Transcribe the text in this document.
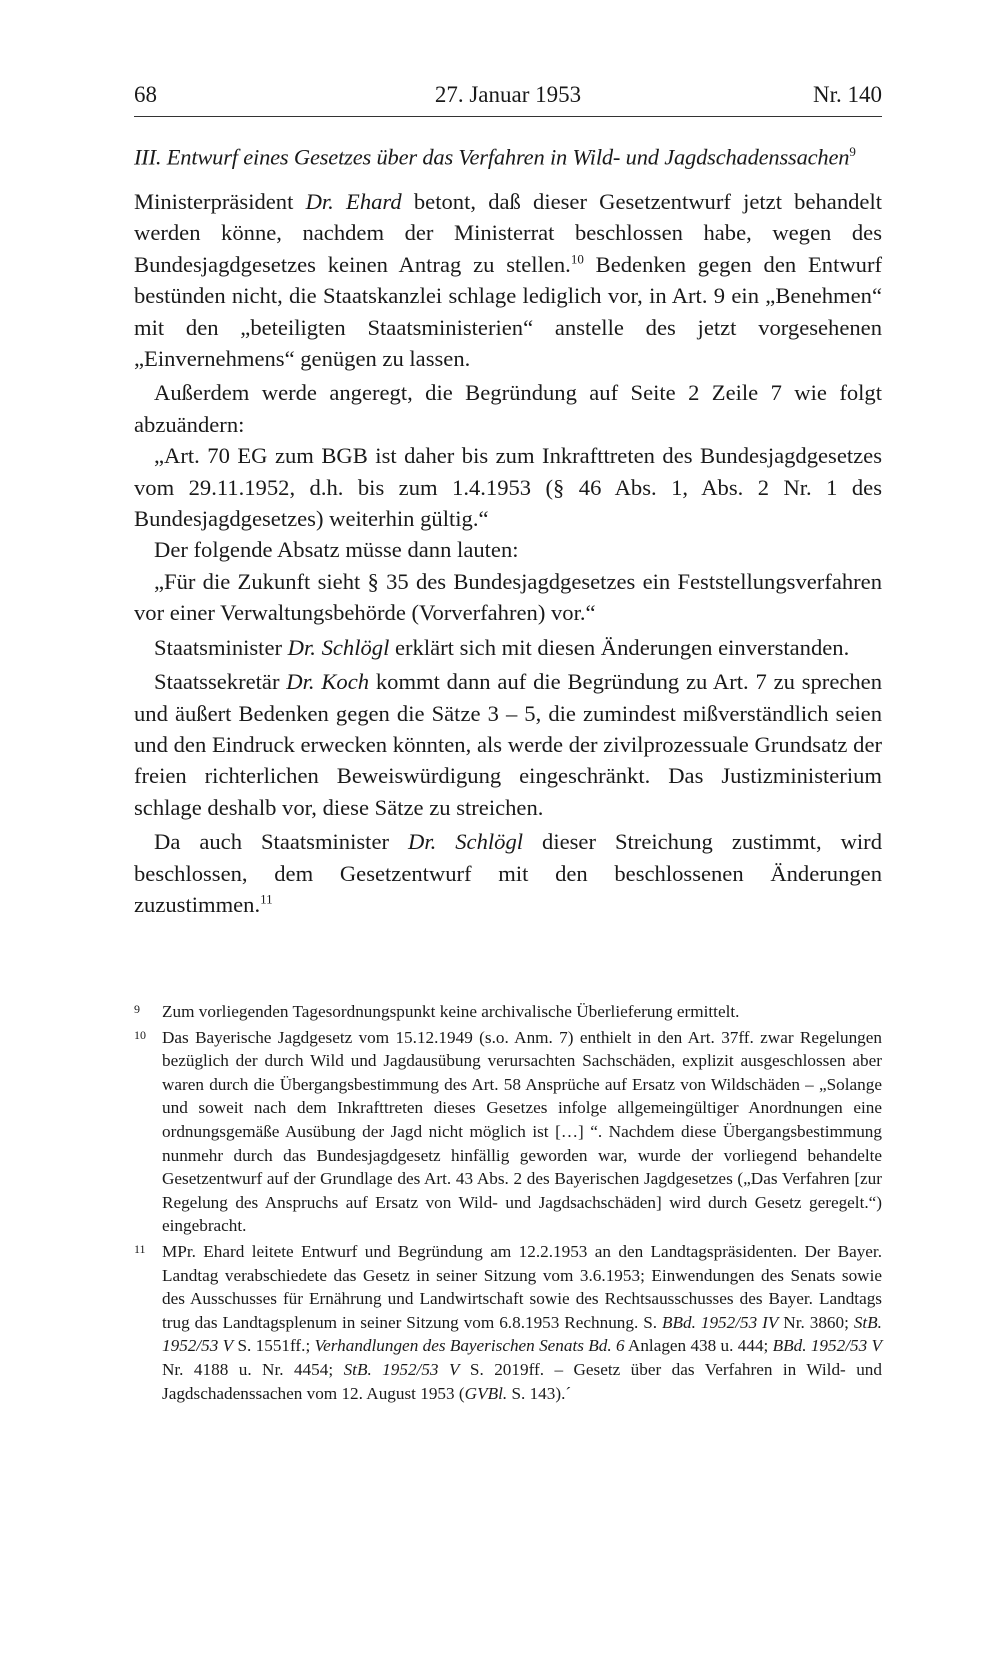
68	27. Januar 1953	Nr. 140
III. Entwurf eines Gesetzes über das Verfahren in Wild- und Jagdschadenssachen$^9$

Ministerpräsident Dr. Ehard betont, daß dieser Gesetzentwurf jetzt behandelt werden könne, nachdem der Ministerrat beschlossen habe, wegen des Bundesjagdgesetzes keinen Antrag zu stellen.$^{10}$ Bedenken gegen den Entwurf bestünden nicht, die Staatskanzlei schlage lediglich vor, in Art. 9 ein „Benehmen“ mit den „beteiligten Staatsministerien“ anstelle des jetzt vorgesehenen „Einvernehmens“ genügen zu lassen.

Außerdem werde angeregt, die Begründung auf Seite 2 Zeile 7 wie folgt abzuändern:

„Art. 70 EG zum BGB ist daher bis zum Inkrafttreten des Bundesjagdgesetzes vom 29.11.1952, d.h. bis zum 1.4.1953 (§ 46 Abs. 1, Abs. 2 Nr. 1 des Bundesjagdgesetzes) weiterhin gültig.“

Der folgende Absatz müsse dann lauten:

„Für die Zukunft sieht § 35 des Bundesjagdgesetzes ein Feststellungsverfahren vor einer Verwaltungsbehörde (Vorverfahren) vor.“

Staatsminister Dr. Schlögl erklärt sich mit diesen Änderungen einverstanden.

Staatssekretär Dr. Koch kommt dann auf die Begründung zu Art. 7 zu sprechen und äußert Bedenken gegen die Sätze 3 – 5, die zumindest mißverständlich seien und den Eindruck erwecken könnten, als werde der zivilprozessuale Grundsatz der freien richterlichen Beweiswürdigung eingeschränkt. Das Justizministerium schlage deshalb vor, diese Sätze zu streichen.

Da auch Staatsminister Dr. Schlögl dieser Streichung zustimmt, wird beschlossen, dem Gesetzentwurf mit den beschlossenen Änderungen zuzustimmen.$^{11}$

9 Zum vorliegenden Tagesordnungspunkt keine archivalische Überlieferung ermittelt.
10 Das Bayerische Jagdgesetz vom 15.12.1949 (s.o. Anm. 7) enthielt in den Art. 37ff. zwar Regelungen bezüglich der durch Wild und Jagdausübung verursachten Sachschäden, explizit ausgeschlossen aber waren durch die Übergangsbestimmung des Art. 58 Ansprüche auf Ersatz von Wildschäden – „Solange und soweit nach dem Inkrafttreten dieses Gesetzes infolge allgemeingültiger Anordnungen eine ordnungsgemäße Ausübung der Jagd nicht möglich ist […] “. Nachdem diese Übergangsbestimmung nunmehr durch das Bundesjagdgesetz hinfällig geworden war, wurde der vorliegend behandelte Gesetzentwurf auf der Grundlage des Art. 43 Abs. 2 des Bayerischen Jagdgesetzes („Das Verfahren [zur Regelung des Anspruchs auf Ersatz von Wild- und Jagdsachschäden] wird durch Gesetz geregelt.“) eingebracht.
11 MPr. Ehard leitete Entwurf und Begründung am 12.2.1953 an den Landtagspräsidenten. Der Bayer. Landtag verabschiedete das Gesetz in seiner Sitzung vom 3.6.1953; Einwendungen des Senats sowie des Ausschusses für Ernährung und Landwirtschaft sowie des Rechtsausschusses des Bayer. Landtags trug das Landtagsplenum in seiner Sitzung vom 6.8.1953 Rechnung. S. BBd. 1952/53 IV Nr. 3860; StB. 1952/53 V S. 1551ff.; Verhandlungen des Bayerischen Senats Bd. 6 Anlagen 438 u. 444; BBd. 1952/53 V Nr. 4188 u. Nr. 4454; StB. 1952/53 V S. 2019ff. – Gesetz über das Verfahren in Wild- und Jagdschadenssachen vom 12. August 1953 (GVBl. S. 143).´
